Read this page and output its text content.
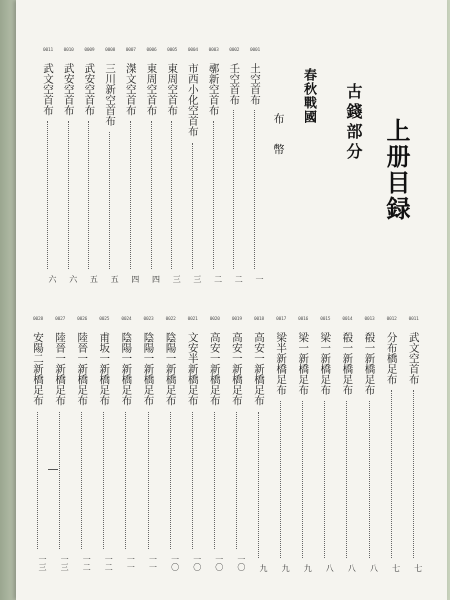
上册目録
古錢部分
春秋戰國
布 幣
0011
武文空首布
六
0010
武安空首布
六
0009
武安空首布
五
0008
三川新空首布
五
0007
滐文空首布
四
0006
東周空首布
四
0005
東周空首布
三
0004
市西小化空首布
三
0003
鄩新空首布
二
0002
壬空首布
二
0001
土空首布
一
0028
安陽二新橋足布
一三
0027
陸晉一新橋足布
一三
0026
陸晉一新橋足布
一二
0025
甫坂一新橋足布
一二
0024
陰陽一新橋足布
一一
0023
陰陽一新橋足布
一一
0022
陰陽一新橋足布
一〇
0021
文安半新橋足布
一〇
0020
高安一新橋足布
一〇
0019
高安一新橋足布
一〇
0018
高安一新橋足布
九
0017
梁半新橋足布
九
0016
梁一新橋足布
九
0015
梁一新橋足布
八
0014
殽一新橋足布
八
0013
殽一新橋足布
八
0012
分布橋足布
七
0011
武文空首布
七
